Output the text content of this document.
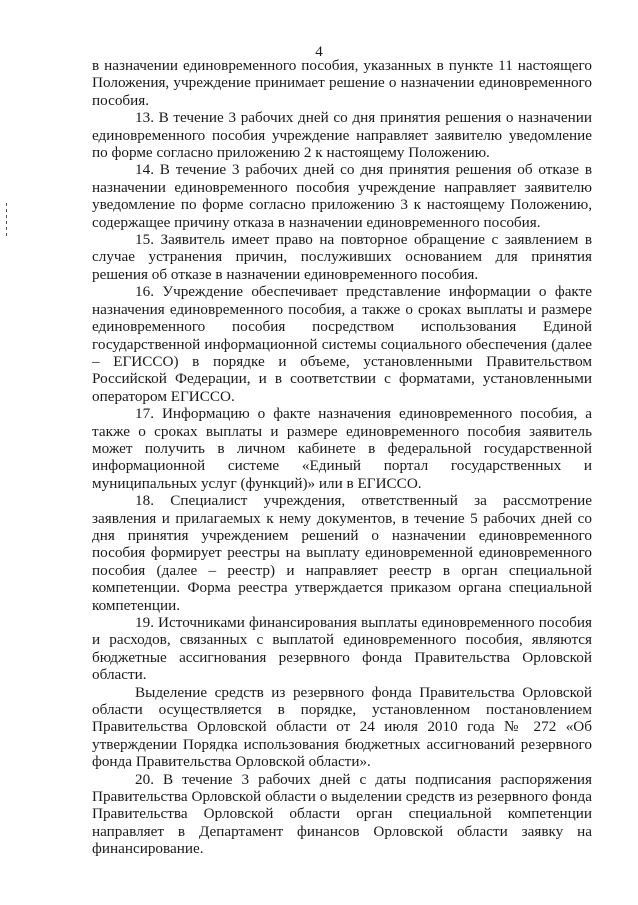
4

в назначении единовременного пособия, указанных в пункте 11 настоящего Положения, учреждение принимает решение о назначении единовременного пособия.

13. В течение 3 рабочих дней со дня принятия решения о назначении единовременного пособия учреждение направляет заявителю уведомление по форме согласно приложению 2 к настоящему Положению.

14. В течение 3 рабочих дней со дня принятия решения об отказе в назначении единовременного пособия учреждение направляет заявителю уведомление по форме согласно приложению 3 к настоящему Положению, содержащее причину отказа в назначении единовременного пособия.

15. Заявитель имеет право на повторное обращение с заявлением в случае устранения причин, послуживших основанием для принятия решения об отказе в назначении единовременного пособия.

16. Учреждение обеспечивает представление информации о факте назначения единовременного пособия, а также о сроках выплаты и размере единовременного пособия посредством использования Единой государственной информационной системы социального обеспечения (далее – ЕГИССО) в порядке и объеме, установленными Правительством Российской Федерации, и в соответствии с форматами, установленными оператором ЕГИССО.

17. Информацию о факте назначения единовременного пособия, а также о сроках выплаты и размере единовременного пособия заявитель может получить в личном кабинете в федеральной государственной информационной системе «Единый портал государственных и муниципальных услуг (функций)» или в ЕГИССО.

18. Специалист учреждения, ответственный за рассмотрение заявления и прилагаемых к нему документов, в течение 5 рабочих дней со дня принятия учреждением решений о назначении единовременного пособия формирует реестры на выплату единовременной единовременного пособия (далее – реестр) и направляет реестр в орган специальной компетенции. Форма реестра утверждается приказом органа специальной компетенции.

19. Источниками финансирования выплаты единовременного пособия и расходов, связанных с выплатой единовременного пособия, являются бюджетные ассигнования резервного фонда Правительства Орловской области.

Выделение средств из резервного фонда Правительства Орловской области осуществляется в порядке, установленном постановлением Правительства Орловской области от 24 июля 2010 года № 272 «Об утверждении Порядка использования бюджетных ассигнований резервного фонда Правительства Орловской области».

20. В течение 3 рабочих дней с даты подписания распоряжения Правительства Орловской области о выделении средств из резервного фонда Правительства Орловской области орган специальной компетенции направляет в Департамент финансов Орловской области заявку на финансирование.
